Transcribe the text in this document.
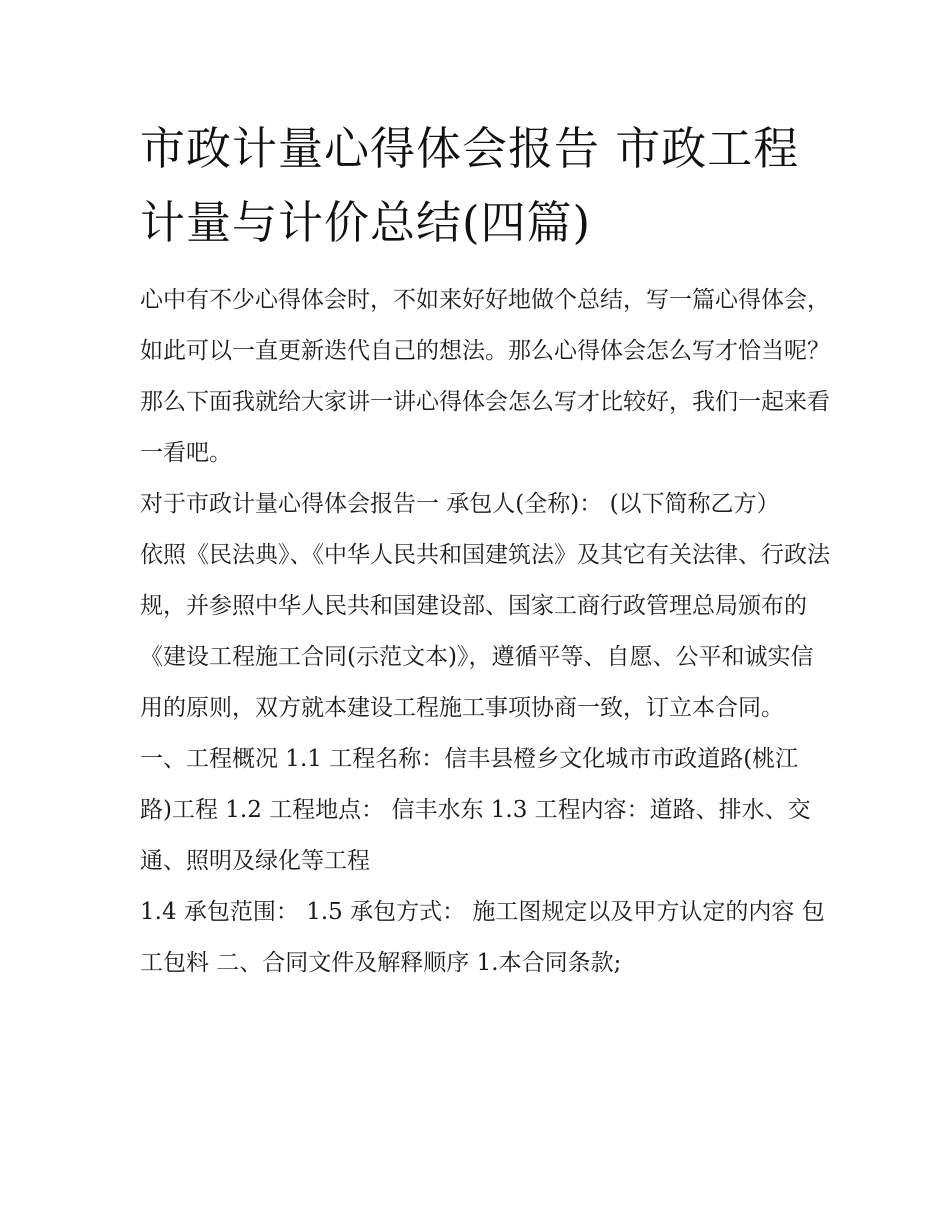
市政计量心得体会报告 市政工程计量与计价总结(四篇)

心中有不少心得体会时，不如来好好地做个总结，写一篇心得体会，如此可以一直更新迭代自己的想法。那么心得体会怎么写才恰当呢？那么下面我就给大家讲一讲心得体会怎么写才比较好，我们一起来看一看吧。

对于市政计量心得体会报告一 承包人(全称)： (以下简称乙方）

依照《民法典》、《中华人民共和国建筑法》及其它有关法律、行政法规，并参照中华人民共和国建设部、国家工商行政管理总局颁布的《建设工程施工合同(示范文本)》，遵循平等、自愿、公平和诚实信用的原则，双方就本建设工程施工事项协商一致，订立本合同。

一、工程概况 1.1 工程名称：信丰县橙乡文化城市市政道路(桃江路)工程 1.2 工程地点： 信丰水东 1.3 工程内容：道路、排水、交通、照明及绿化等工程

1.4 承包范围： 1.5 承包方式： 施工图规定以及甲方认定的内容 包工包料 二、合同文件及解释顺序 1.本合同条款;
